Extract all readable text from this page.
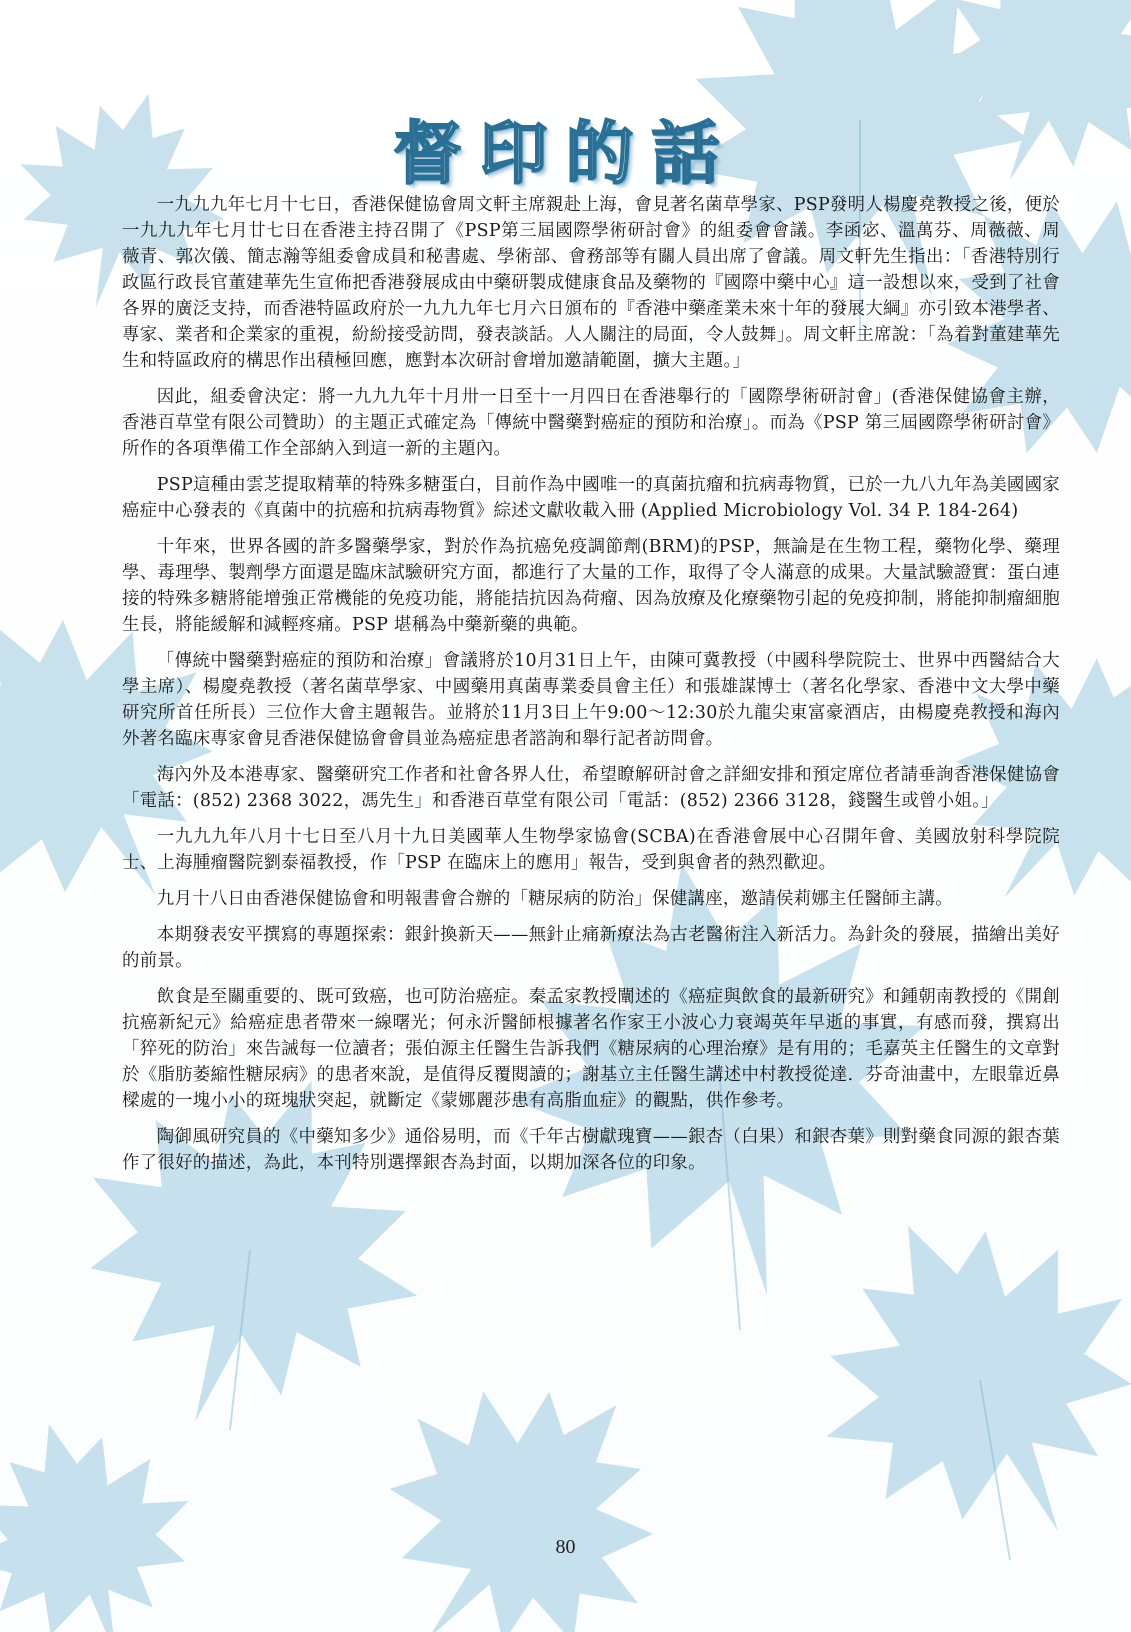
督印的話

一九九九年七月十七日，香港保健協會周文軒主席親赴上海，會見著名菌草學家、PSP發明人楊慶堯教授之後，便於一九九九年七月廿七日在香港主持召開了《PSP第三屆國際學術研討會》的組委會會議。李函宓、溫萬芬、周薇薇、周薇青、郭次儀、簡志瀚等組委會成員和秘書處、學術部、會務部等有關人員出席了會議。周文軒先生指出：「香港特別行政區行政長官董建華先生宣佈把香港發展成由中藥研製成健康食品及藥物的『國際中藥中心』這一設想以來，受到了社會各界的廣泛支持，而香港特區政府於一九九九年七月六日頒布的『香港中藥產業未來十年的發展大綱』亦引致本港學者、專家、業者和企業家的重視，紛紛接受訪問，發表談話。人人關注的局面，令人鼓舞」。周文軒主席說：「為着對董建華先生和特區政府的構思作出積極回應，應對本次研討會增加邀請範圍，擴大主題。」

因此，組委會決定：將一九九九年十月卅一日至十一月四日在香港舉行的「國際學術研討會」(香港保健協會主辦，香港百草堂有限公司贊助）的主題正式確定為「傳統中醫藥對癌症的預防和治療」。而為《PSP 第三屆國際學術研討會》所作的各項準備工作全部納入到這一新的主題內。

PSP這種由雲芝提取精華的特殊多糖蛋白，目前作為中國唯一的真菌抗瘤和抗病毒物質，已於一九八九年為美國國家癌症中心發表的《真菌中的抗癌和抗病毒物質》綜述文獻收載入冊 (Applied Microbiology Vol. 34 P. 184-264)

十年來，世界各國的許多醫藥學家，對於作為抗癌免疫調節劑(BRM)的PSP，無論是在生物工程，藥物化學、藥理學、毒理學、製劑學方面還是臨床試驗研究方面，都進行了大量的工作，取得了令人滿意的成果。大量試驗證實：蛋白連接的特殊多糖將能增強正常機能的免疫功能，將能拮抗因為荷瘤、因為放療及化療藥物引起的免疫抑制，將能抑制瘤細胞生長，將能緩解和減輕疼痛。PSP 堪稱為中藥新藥的典範。

「傳統中醫藥對癌症的預防和治療」會議將於10月31日上午，由陳可冀教授（中國科學院院士、世界中西醫結合大學主席）、楊慶堯教授（著名菌草學家、中國藥用真菌專業委員會主任）和張雄謀博士（著名化學家、香港中文大學中藥研究所首任所長）三位作大會主題報告。並將於11月3日上午9:00～12:30於九龍尖東富豪酒店，由楊慶堯教授和海內外著名臨床專家會見香港保健協會會員並為癌症患者諮詢和舉行記者訪問會。

海內外及本港專家、醫藥研究工作者和社會各界人仕，希望瞭解研討會之詳細安排和預定席位者請垂詢香港保健協會「電話：(852) 2368 3022，馮先生」和香港百草堂有限公司「電話：(852) 2366 3128，錢醫生或曾小姐。」

一九九九年八月十七日至八月十九日美國華人生物學家協會(SCBA)在香港會展中心召開年會、美國放射科學院院士、上海腫瘤醫院劉泰福教授，作「PSP 在臨床上的應用」報告，受到與會者的熱烈歡迎。

九月十八日由香港保健協會和明報書會合辦的「糖尿病的防治」保健講座，邀請侯莉娜主任醫師主講。

本期發表安平撰寫的專題探索：銀針換新天——無針止痛新療法為古老醫術注入新活力。為針灸的發展，描繪出美好的前景。

飲食是至關重要的、既可致癌，也可防治癌症。秦孟家教授闡述的《癌症與飲食的最新研究》和鍾朝南教授的《開創抗癌新紀元》給癌症患者帶來一線曙光；何永沂醫師根據著名作家王小波心力衰竭英年早逝的事實，有感而發，撰寫出「猝死的防治」來告誡每一位讀者；張伯源主任醫生告訴我們《糖尿病的心理治療》是有用的；毛嘉英主任醫生的文章對於《脂肪萎縮性糖尿病》的患者來說，是值得反覆閱讀的；謝基立主任醫生講述中村教授從達．芬奇油畫中，左眼靠近鼻樑處的一塊小小的斑塊狀突起，就斷定《蒙娜麗莎患有高脂血症》的觀點，供作參考。

陶御風研究員的《中藥知多少》通俗易明，而《千年古樹獻瑰寶——銀杏（白果）和銀杏葉》則對藥食同源的銀杏葉作了很好的描述，為此，本刊特別選擇銀杏為封面，以期加深各位的印象。

80
